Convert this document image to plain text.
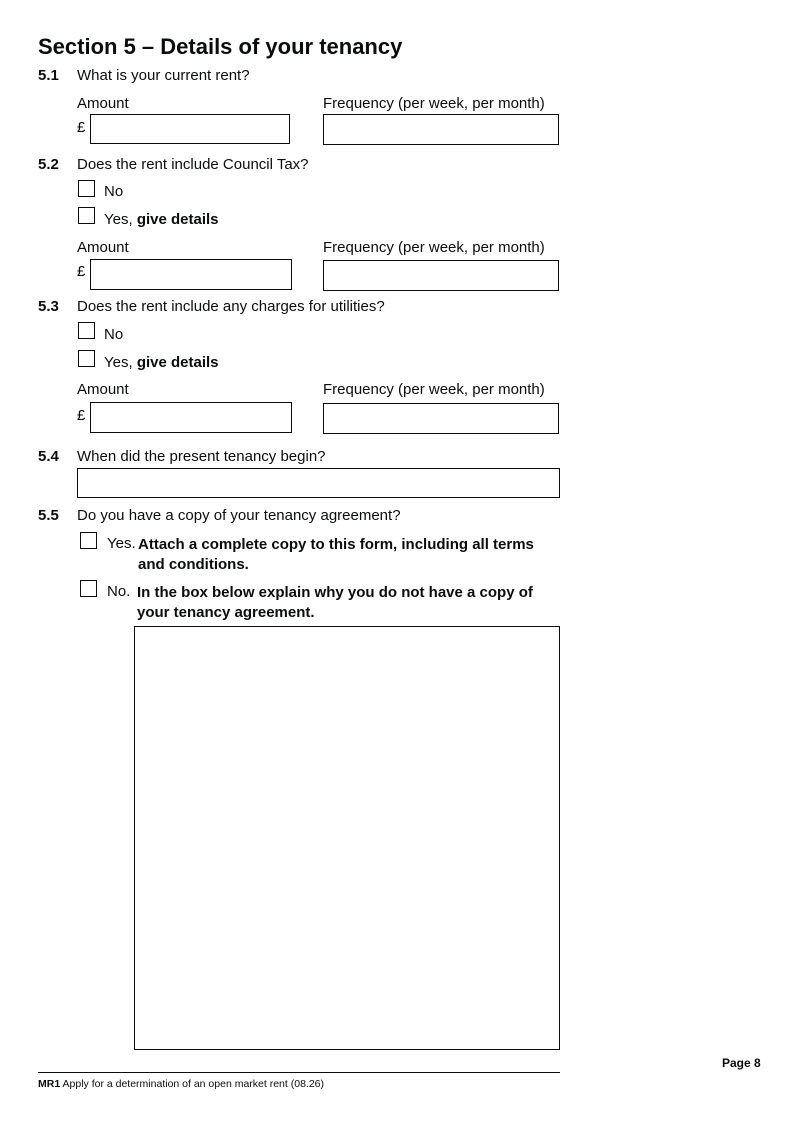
Section 5 – Details of your tenancy
5.1 What is your current rent?
Amount	Frequency (per week, per month)
£
5.2 Does the rent include Council Tax?
No
Yes, give details
Amount	Frequency (per week, per month)
£
5.3 Does the rent include any charges for utilities?
No
Yes, give details
Amount	Frequency (per week, per month)
£
5.4 When did the present tenancy begin?
5.5 Do you have a copy of your tenancy agreement?
Yes. Attach a complete copy to this form, including all terms
and conditions.
No. In the box below explain why you do not have a copy of
your tenancy agreement.
Page 8
MR1 Apply for a determination of an open market rent (08.26)
